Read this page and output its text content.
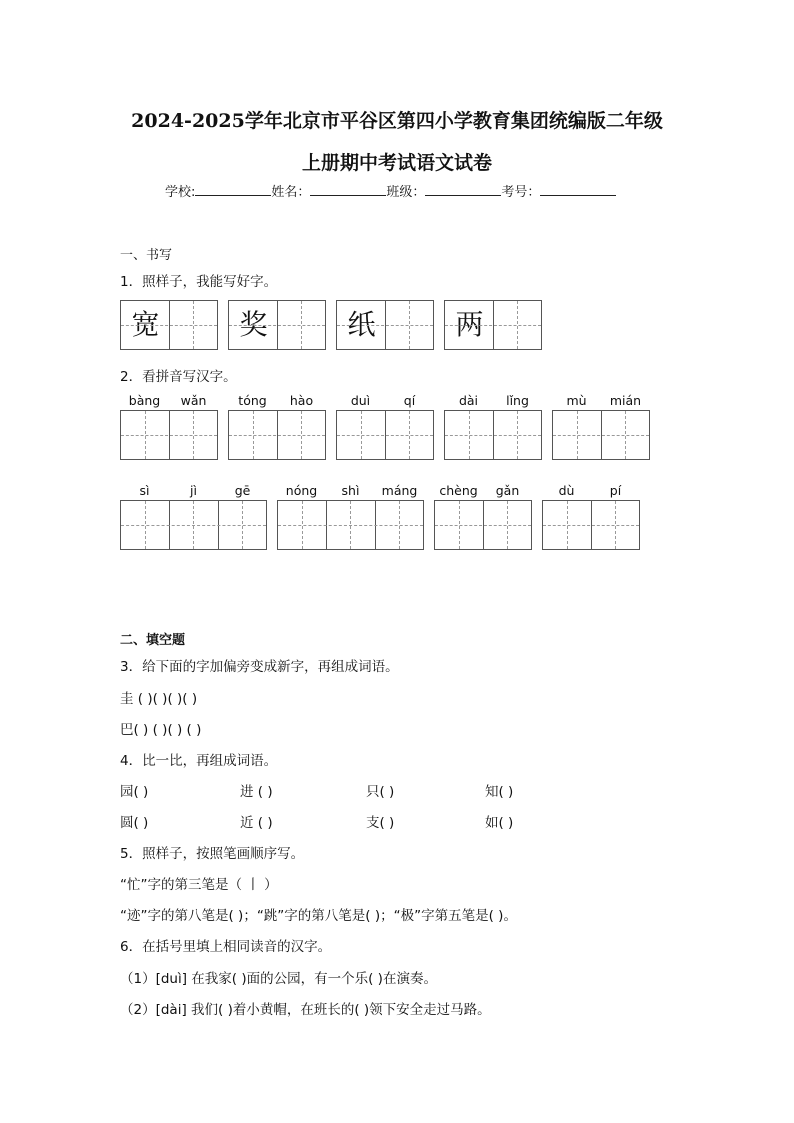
2024-2025学年北京市平谷区第四小学教育集团统编版二年级
上册期中考试语文试卷
学校:	姓名：	班级：	考号：
一、书写
1．照样子，我能写好字。
宽	奖	纸	两
2．看拼音写汉字。
bàng	wǎn	tóng	hào	duì	qí	dài	lǐng	mù	mián
sì	jì	gē	nóng	shì	máng	chèng	gǎn	dù	pí
二、填空题
3．给下面的字加偏旁变成新字，再组成词语。
圭 ( )( )( )( )
巴( ) ( )( ) ( )
4．比一比，再组成词语。
园( )	进 ( )	只( )	知( )
圆( )	近 ( )	支( )	如( )
5．照样子，按照笔画顺序写。
“忙”字的第三笔是（ 丨 ）
“迹”字的第八笔是( )；“跳”字的第八笔是( )；“极”字第五笔是( )。
6．在括号里填上相同读音的汉字。
（1）[duì] 在我家( )面的公园，有一个乐( )在演奏。
（2）[dài] 我们( )着小黄帽，在班长的( )领下安全走过马路。
